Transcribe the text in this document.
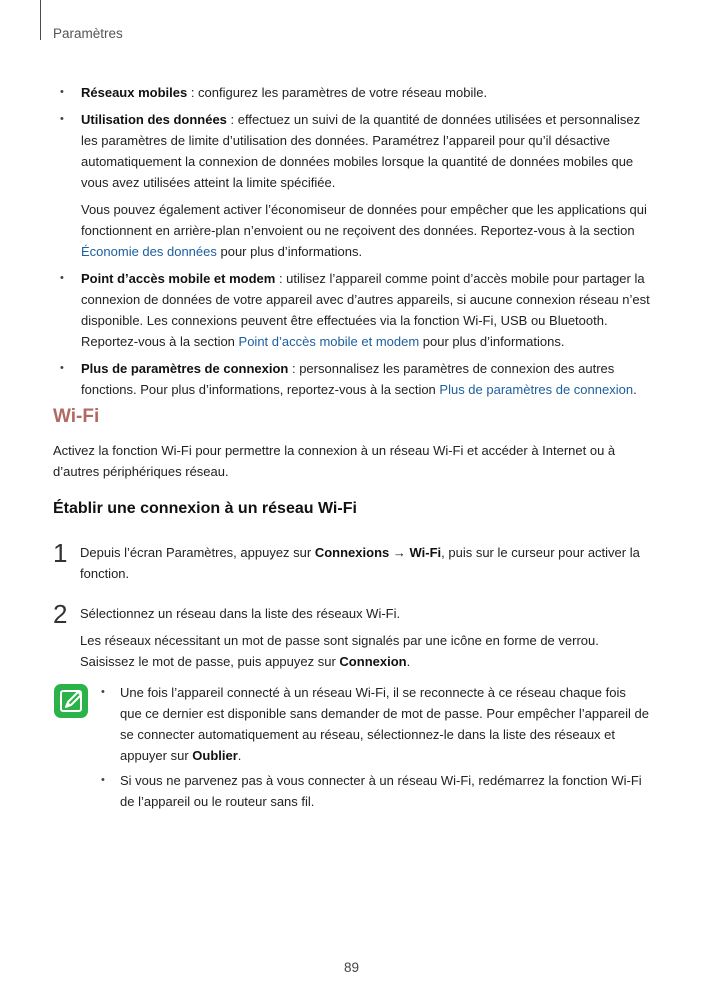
Paramètres
• Réseaux mobiles : configurez les paramètres de votre réseau mobile.
• Utilisation des données : effectuez un suivi de la quantité de données utilisées et personnalisez les paramètres de limite d’utilisation des données. Paramétrez l’appareil pour qu’il désactive automatiquement la connexion de données mobiles lorsque la quantité de données mobiles que vous avez utilisées atteint la limite spécifiée.

Vous pouvez également activer l’économiseur de données pour empêcher que les applications qui fonctionnent en arrière-plan n’envoient ou ne reçoivent des données. Reportez-vous à la section Économie des données pour plus d’informations.

• Point d’accès mobile et modem : utilisez l’appareil comme point d’accès mobile pour partager la connexion de données de votre appareil avec d’autres appareils, si aucune connexion réseau n’est disponible. Les connexions peuvent être effectuées via la fonction Wi-Fi, USB ou Bluetooth. Reportez-vous à la section Point d’accès mobile et modem pour plus d’informations.
• Plus de paramètres de connexion : personnalisez les paramètres de connexion des autres fonctions. Pour plus d’informations, reportez-vous à la section Plus de paramètres de connexion.
Wi-Fi

Activez la fonction Wi-Fi pour permettre la connexion à un réseau Wi-Fi et accéder à Internet ou à d’autres périphériques réseau.

Établir une connexion à un réseau Wi-Fi
1 Depuis l’écran Paramètres, appuyez sur Connexions → Wi-Fi, puis sur le curseur pour activer la fonction.

2 Sélectionnez un réseau dans la liste des réseaux Wi-Fi.

Les réseaux nécessitant un mot de passe sont signalés par une icône en forme de verrou. Saisissez le mot de passe, puis appuyez sur Connexion.

• Une fois l’appareil connecté à un réseau Wi-Fi, il se reconnecte à ce réseau chaque fois que ce dernier est disponible sans demander de mot de passe. Pour empêcher l’appareil de se connecter automatiquement au réseau, sélectionnez-le dans la liste des réseaux et appuyer sur Oublier.
• Si vous ne parvenez pas à vous connecter à un réseau Wi-Fi, redémarrez la fonction Wi-Fi de l’appareil ou le routeur sans fil.
89
